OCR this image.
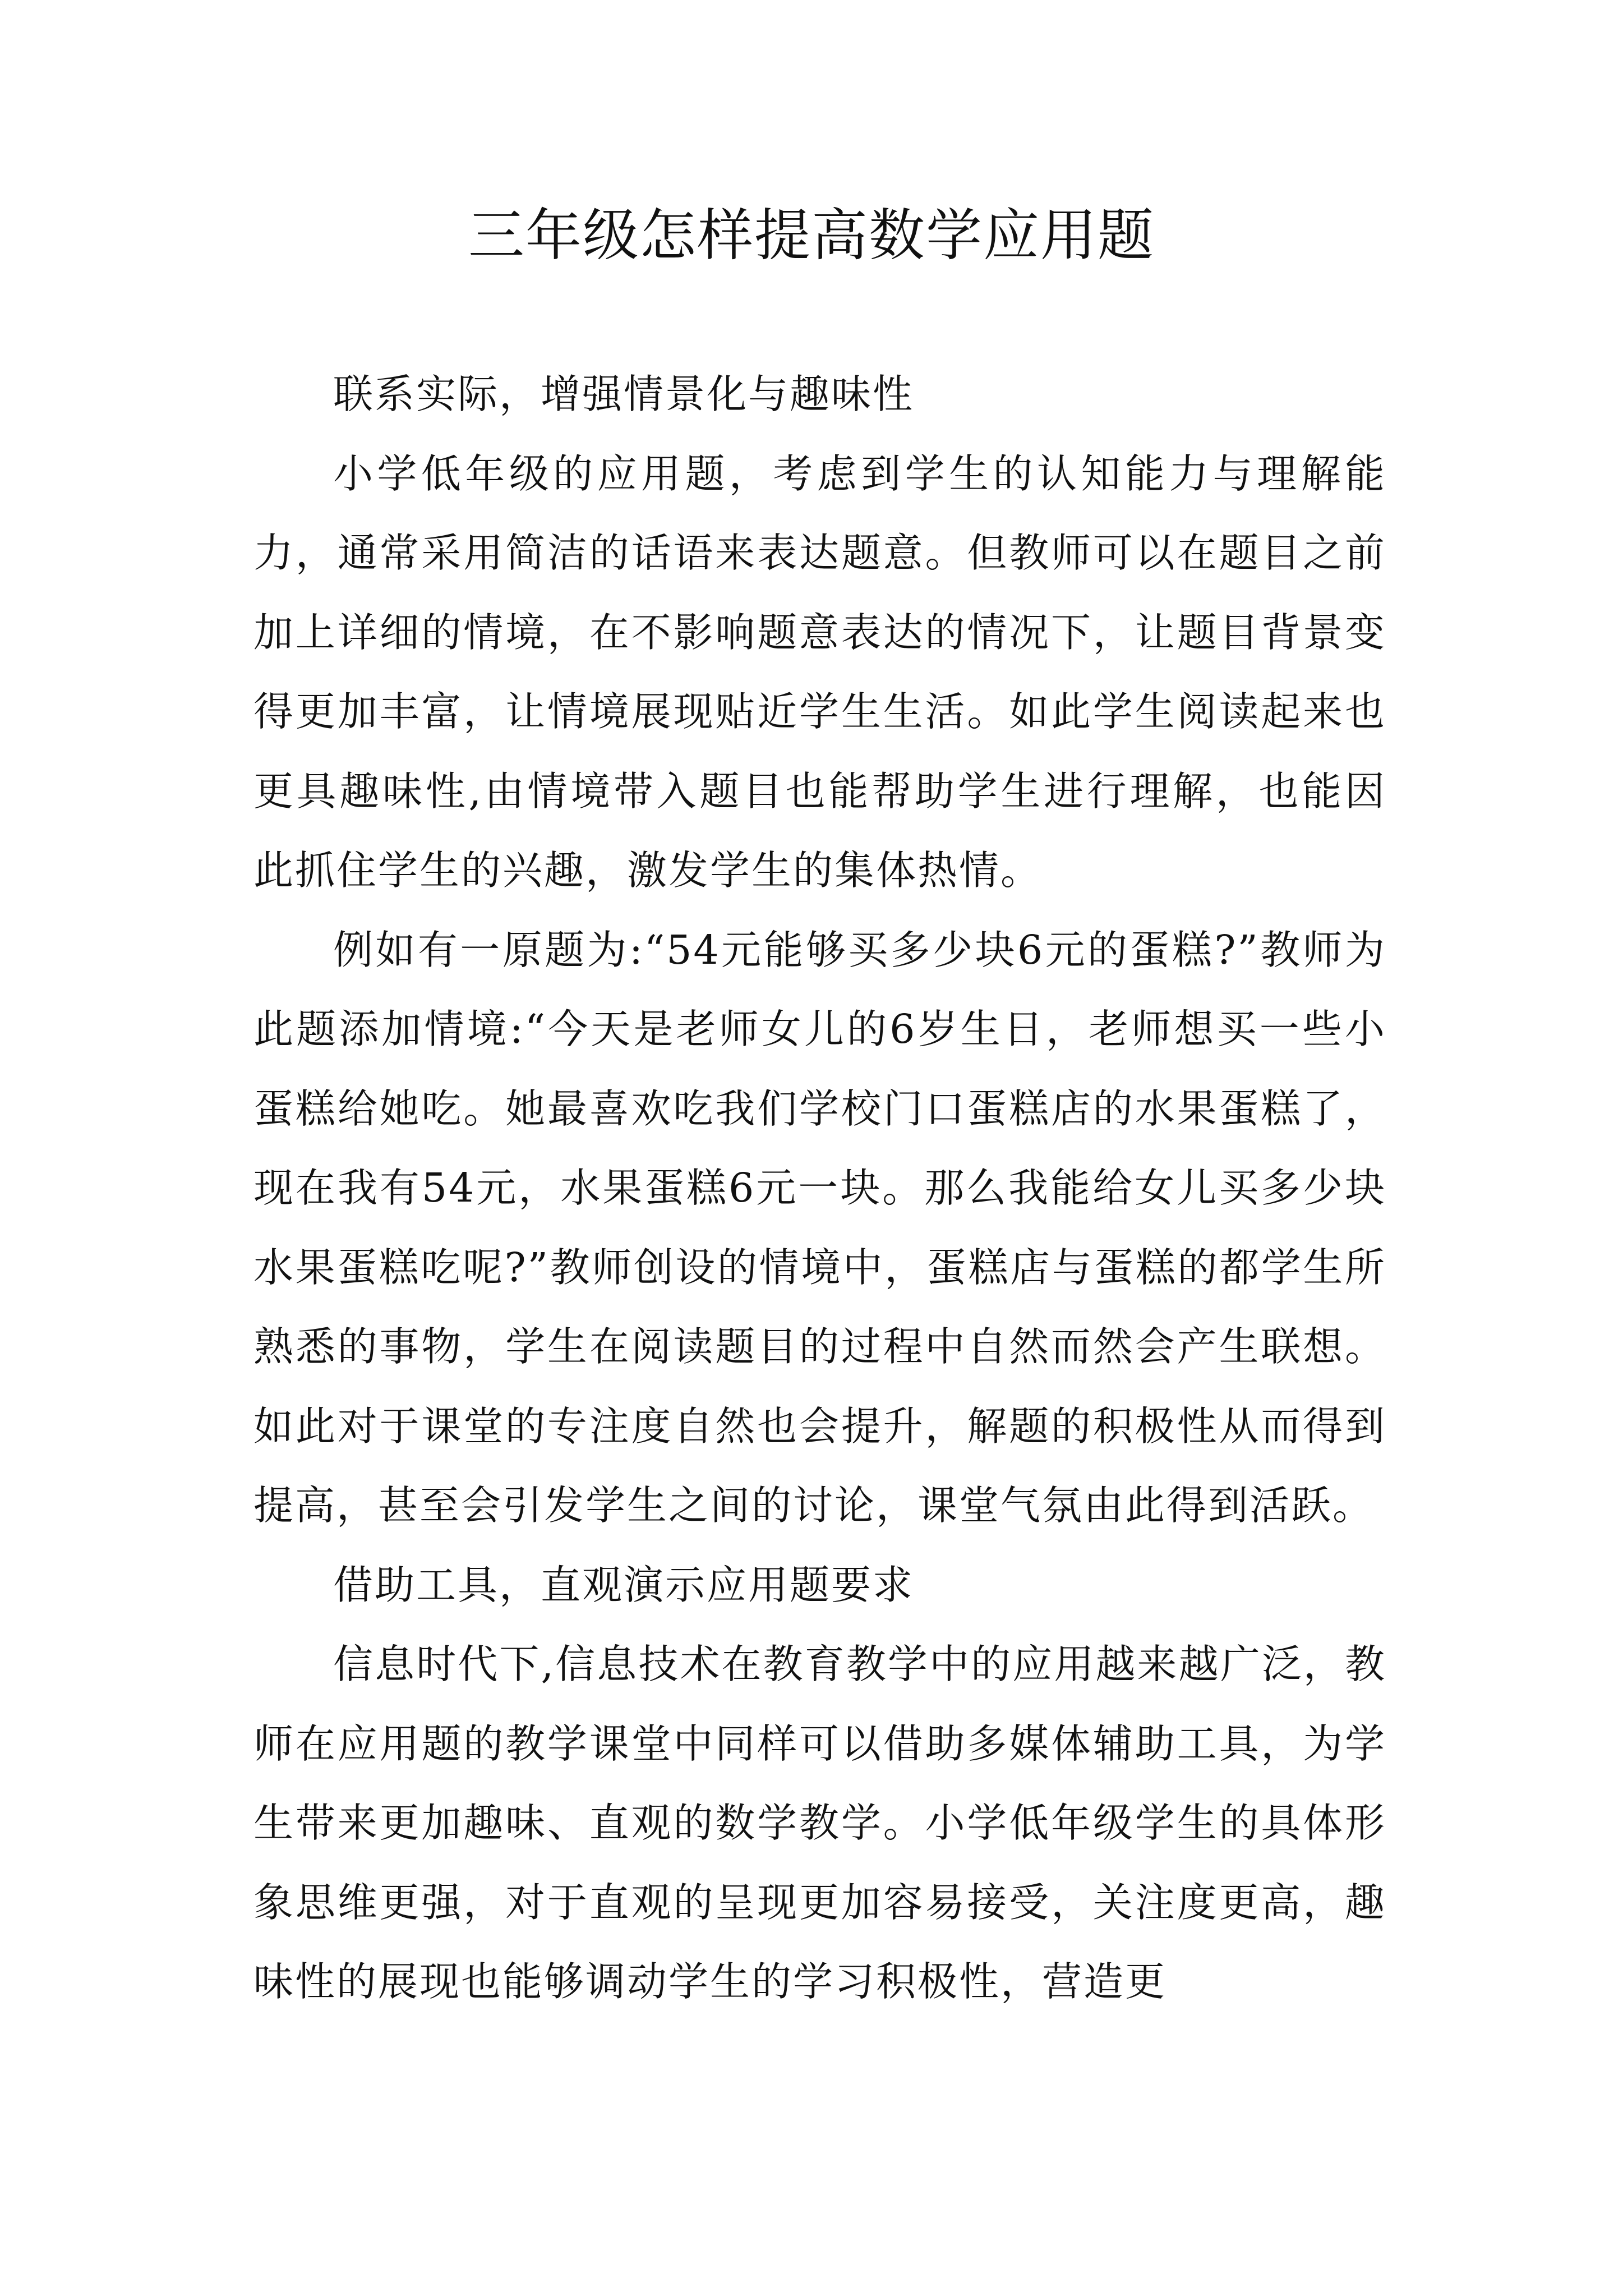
三年级怎样提高数学应用题

联系实际，增强情景化与趣味性

小学低年级的应用题，考虑到学生的认知能力与理解能力，通常采用简洁的话语来表达题意。但教师可以在题目之前加上详细的情境，在不影响题意表达的情况下，让题目背景变得更加丰富，让情境展现贴近学生生活。如此学生阅读起来也更具趣味性,由情境带入题目也能帮助学生进行理解，也能因此抓住学生的兴趣，激发学生的集体热情。

例如有一原题为:“54元能够买多少块6元的蛋糕?”教师为此题添加情境:“今天是老师女儿的6岁生日，老师想买一些小蛋糕给她吃。她最喜欢吃我们学校门口蛋糕店的水果蛋糕了，现在我有54元，水果蛋糕6元一块。那么我能给女儿买多少块水果蛋糕吃呢?”教师创设的情境中，蛋糕店与蛋糕的都学生所熟悉的事物，学生在阅读题目的过程中自然而然会产生联想。如此对于课堂的专注度自然也会提升，解题的积极性从而得到提高，甚至会引发学生之间的讨论，课堂气氛由此得到活跃。

借助工具，直观演示应用题要求

信息时代下,信息技术在教育教学中的应用越来越广泛，教师在应用题的教学课堂中同样可以借助多媒体辅助工具，为学生带来更加趣味、直观的数学教学。小学低年级学生的具体形象思维更强，对于直观的呈现更加容易接受，关注度更高，趣味性的展现也能够调动学生的学习积极性，营造更
